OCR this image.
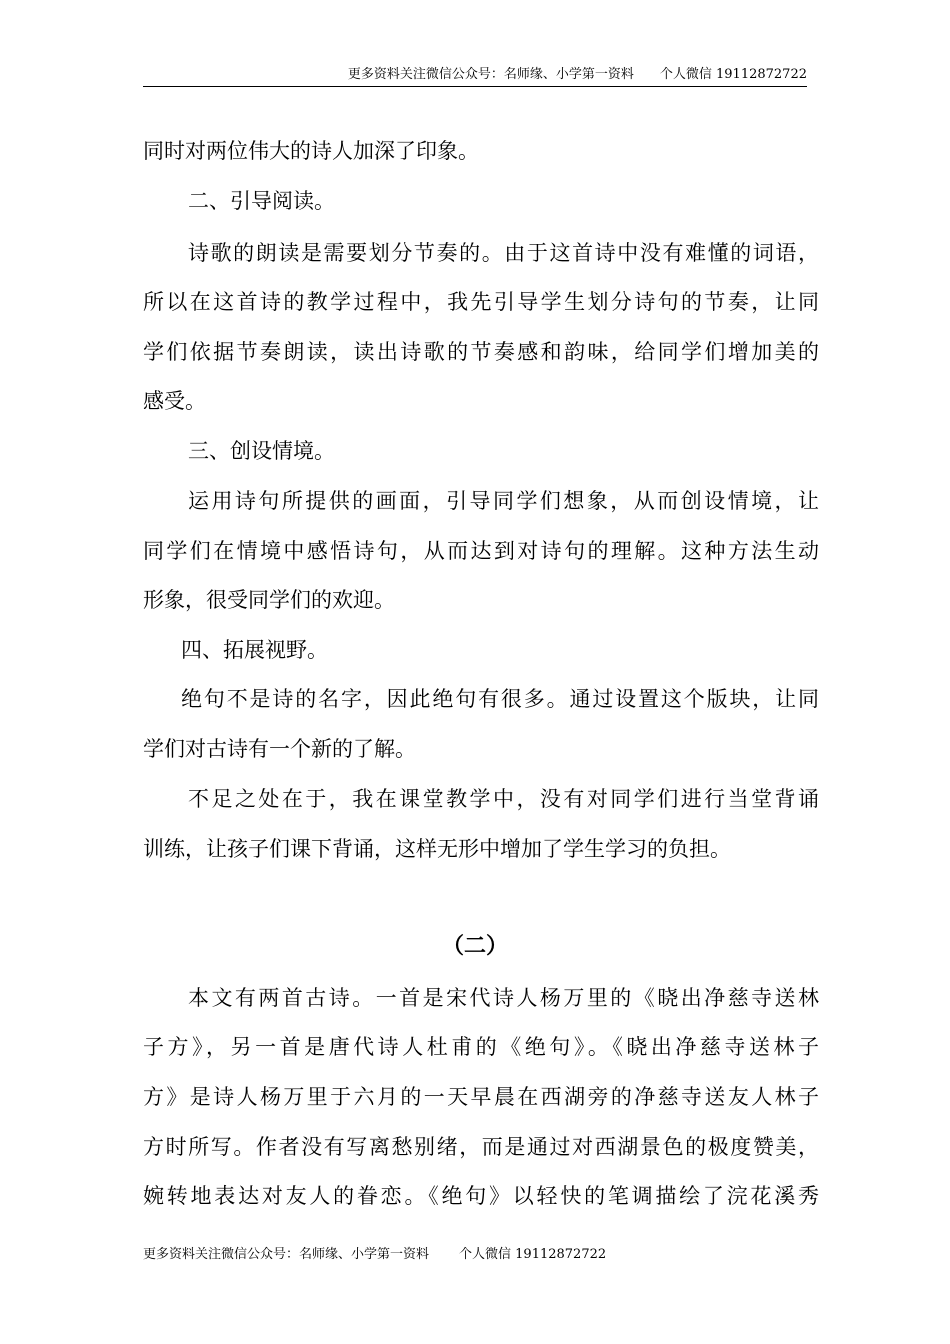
更多资料关注微信公众号：名师缘、小学第一资料 个人微信 19112872722
同时对两位伟大的诗人加深了印象。
二、引导阅读。
诗歌的朗读是需要划分节奏的。由于这首诗中没有难懂的词语，
所以在这首诗的教学过程中，我先引导学生划分诗句的节奏，让同
学们依据节奏朗读，读出诗歌的节奏感和韵味，给同学们增加美的
感受。
三、创设情境。
运用诗句所提供的画面，引导同学们想象，从而创设情境，让
同学们在情境中感悟诗句，从而达到对诗句的理解。这种方法生动
形象，很受同学们的欢迎。
四、拓展视野。
绝句不是诗的名字，因此绝句有很多。通过设置这个版块，让同
学们对古诗有一个新的了解。
不足之处在于，我在课堂教学中，没有对同学们进行当堂背诵
训练，让孩子们课下背诵，这样无形中增加了学生学习的负担。
（二）
本文有两首古诗。一首是宋代诗人杨万里的《晓出净慈寺送林
子方》，另一首是唐代诗人杜甫的《绝句》。《晓出净慈寺送林子
方》是诗人杨万里于六月的一天早晨在西湖旁的净慈寺送友人林子
方时所写。作者没有写离愁别绪，而是通过对西湖景色的极度赞美，
婉转地表达对友人的眷恋。《绝句》以轻快的笔调描绘了浣花溪秀
更多资料关注微信公众号：名师缘、小学第一资料 个人微信 19112872722
